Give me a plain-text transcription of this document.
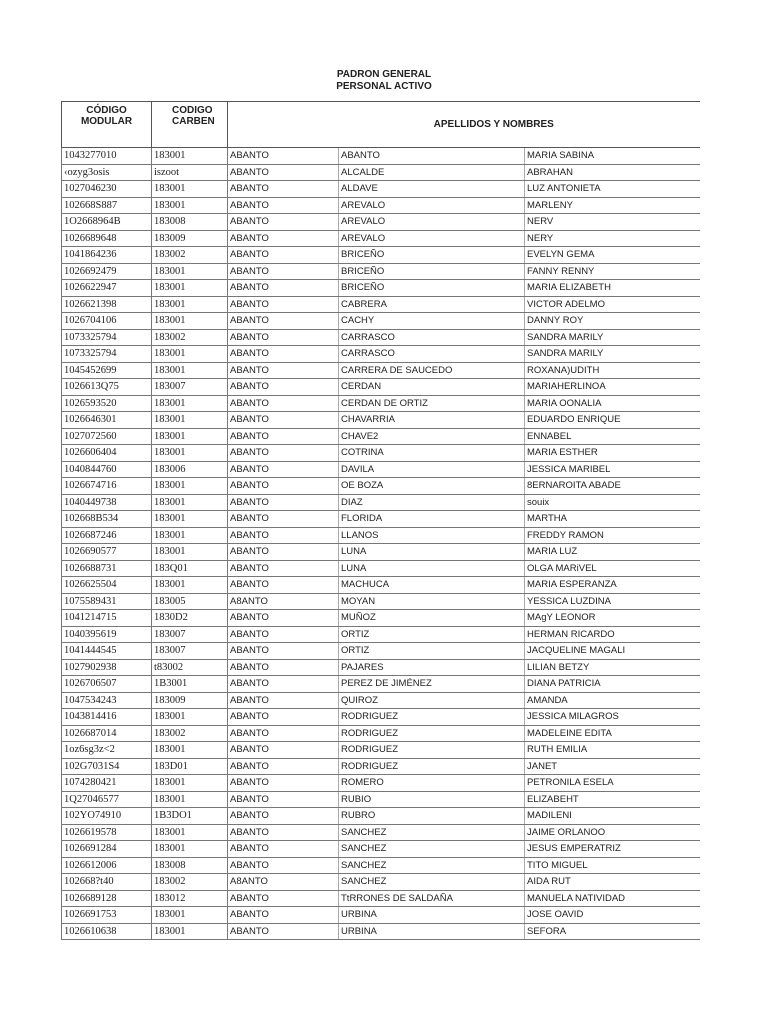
PADRON GENERAL
PERSONAL ACTIVO
CÓDIGO MODULAR	CODIGO CARBEN	APELLIDOS Y NOMBRES		
1043277010	183001	ABANTO	ABANTO	MARIA SABINA
‹ozyg3osis	iszoot	ABANTO	ALCALDE	ABRAHAN
1027046230	183001	ABANTO	ALDAVE	LUZ ANTONIETA
102668S887	183001	ABANTO	AREVALO	MARLENY
1O2668964B	183008	ABANTO	AREVALO	NERV
1026689648	183009	ABANTO	AREVALO	NERY
1041864236	183002	ABANTO	BRICEÑO	EVELYN GEMA
1026692479	183001	ABANTO	BRICEÑO	FANNY RENNY
1026622947	183001	ABANTO	BRICEÑO	MARIA ELIZABETH
1026621398	183001	ABANTO	CABRERA	VICTOR ADELMO
1026704106	183001	ABANTO	CACHY	DANNY ROY
1073325794	183002	ABANTO	CARRASCO	SANDRA MARILY
1073325794	183001	ABANTO	CARRASCO	SANDRA MARILY
1045452699	183001	ABANTO	CARRERA DE SAUCEDO	ROXANA)UDITH
1026613Q75	183007	ABANTO	CERDAN	MARIAHERLINOA
1026593520	183001	ABANTO	CERDAN DE ORTIZ	MARIA OONALIA
1026646301	183001	ABANTO	CHAVARRIA	EDUARDO ENRIQUE
1027072560	183001	ABANTO	CHAVE2	ENNABEL
1026606404	183001	ABANTO	COTRINA	MARIA ESTHER
1040844760	183006	ABANTO	DAVILA	JESSICA MARIBEL
1026674716	183001	ABANTO	OE BOZA	8ERNAROITA ABADE
1040449738	183001	ABANTO	DIAZ	souix
102668B534	183001	ABANTO	FLORIDA	MARTHA
1026687246	183001	ABANTO	LLANOS	FREDDY RAMON
1026690577	183001	ABANTO	LUNA	MARIA LUZ
1026688731	183Q01	ABANTO	LUNA	OLGA MARiVEL
1026625504	183001	ABANTO	MACHUCA	MARIA ESPERANZA
1075589431	183005	A8ANTO	MOYAN	YESSICA LUZDINA
1041214715	1830D2	ABANTO	MUÑOZ	MAgY LEONOR
1040395619	183007	ABANTO	ORTIZ	HERMAN RICARDO
1041444545	183007	ABANTO	ORTIZ	JACQUELINE MAGALI
1027902938	t83002	ABANTO	PAJARES	LILIAN BETZY
1026706507	1B3001	ABANTO	PEREZ DE JIMÉNEZ	DIANA PATRICIA
1047534243	183009	ABANTO	QUIROZ	AMANDA
1043814416	183001	ABANTO	RODRIGUEZ	JESSICA MILAGROS
1026687014	183002	ABANTO	RODRIGUEZ	MADELEINE EDITA
1oz6sg3z<2	183001	ABANTO	RODRIGUEZ	RUTH EMILIA
102G7031S4	183D01	ABANTO	RODRIGUEZ	JANET
1074280421	183001	ABANTO	ROMERO	PETRONILA ESELA
1Q27046577	183001	ABANTO	RUBIO	ELIZABEHT
102YO74910	1B3DO1	ABANTO	RUBRO	MADILENI
1026619578	183001	ABANTO	SANCHEZ	JAIME ORLANOO
1026691284	183001	ABANTO	SANCHEZ	JESUS EMPERATRIZ
1026612006	183008	ABANTO	SANCHEZ	TITO MIGUEL
102668?t40	183002	A8ANTO	SANCHEZ	AIDA RUT
1026689128	183012	ABANTO	TtRRONES DE SALDAÑA	MANUELA NATIVIDAD
1026691753	183001	ABANTO	URBINA	JOSE OAVID
1026610638	183001	ABANTO	URBINA	SEFORA
